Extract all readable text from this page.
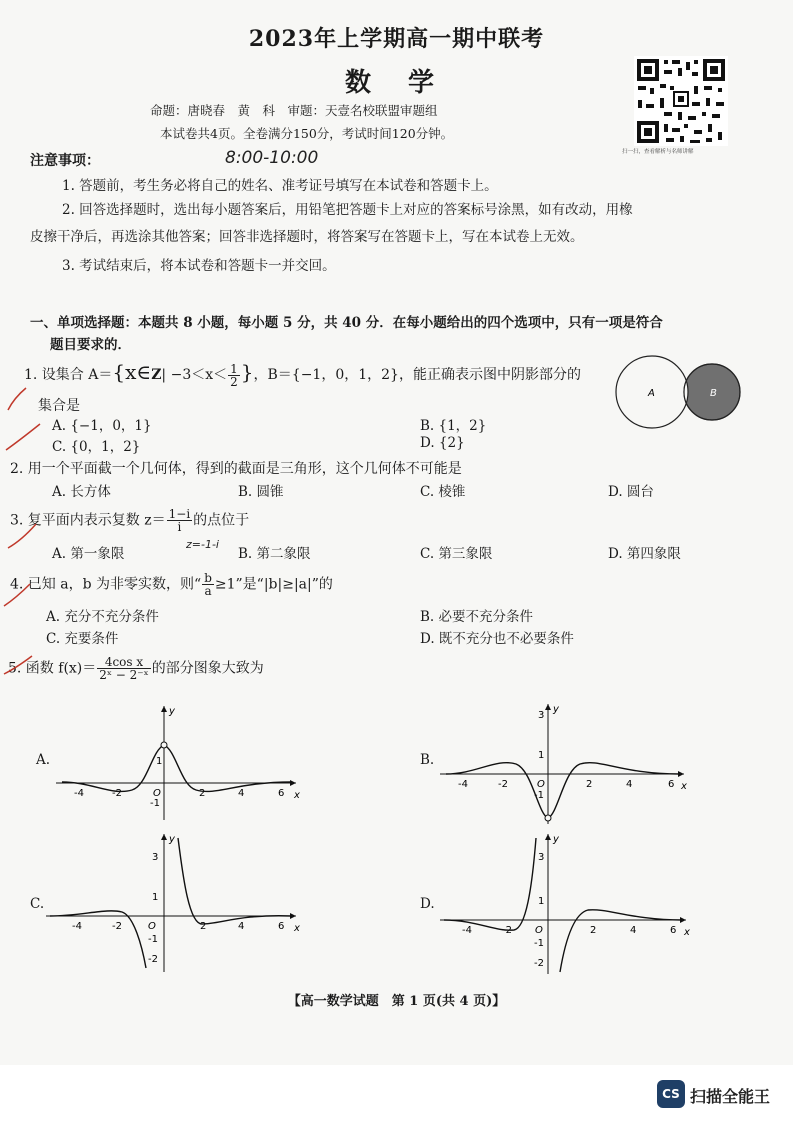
2023年上学期高一期中联考
数 学
命题：唐晓春　黄　科　审题：天壹名校联盟审题组
本试卷共4页。全卷满分150分，考试时间120分钟。
扫一扫，查看解析与名师讲解
注意事项：	8:00-10:00
1. 答题前，考生务必将自己的姓名、准考证号填写在本试卷和答题卡上。
2. 回答选择题时，选出每小题答案后，用铅笔把答题卡上对应的答案标号涂黑，如有改动，用橡
皮擦干净后，再选涂其他答案；回答非选择题时，将答案写在答题卡上，写在本试卷上无效。
3. 考试结束后，将本试卷和答题卡一并交回。
一、单项选择题：本题共 8 小题，每小题 5 分，共 40 分．在每小题给出的四个选项中，只有一项是符合
题目要求的．
1. 设集合 A＝{x∈Z| $-3<x< \frac{1}{2}$ }，B＝{−1，0，1，2}，能正确表示图中阴影部分的
集合是
A. {−1，0，1}	B. {1，2}
C. {0，1，2}	D. {2}
A	B
2. 用一个平面截一个几何体，得到的截面是三角形，这个几何体不可能是
A. 长方体	B. 圆锥	C. 棱锥	D. 圆台
3. 复平面内表示复数 $z= \frac{1-i}{i}$ 的点位于
A. 第一象限
z=-1-i
B. 第二象限	C. 第三象限	D. 第四象限
4. 已知 a，b 为非零实数，则“ $\frac{b}{a} \ge 1$”是“|b|≥|a|”的
A. 充分不充分条件	B. 必要不充分条件
C. 充要条件	D. 既不充分也不必要条件
5. 函数 $f(x)= \frac{\text{4cos x}}{\text{2ˣ − 2⁻ˣ}}$ 的部分图象大致为
A.
y
x
-4	-2	O	2	4	6
1
-1
B.
y
x
-4	-2	O	2	4	6
3
1
-1
C.
y
x
-4	-2	O	2	4	6
3
1
-1
-2
D.
y
x
-4	-2 O	2	4	6
3
1
-1
-2
【高一数学试题　第 1 页(共 4 页)】
CS 扫描全能王
